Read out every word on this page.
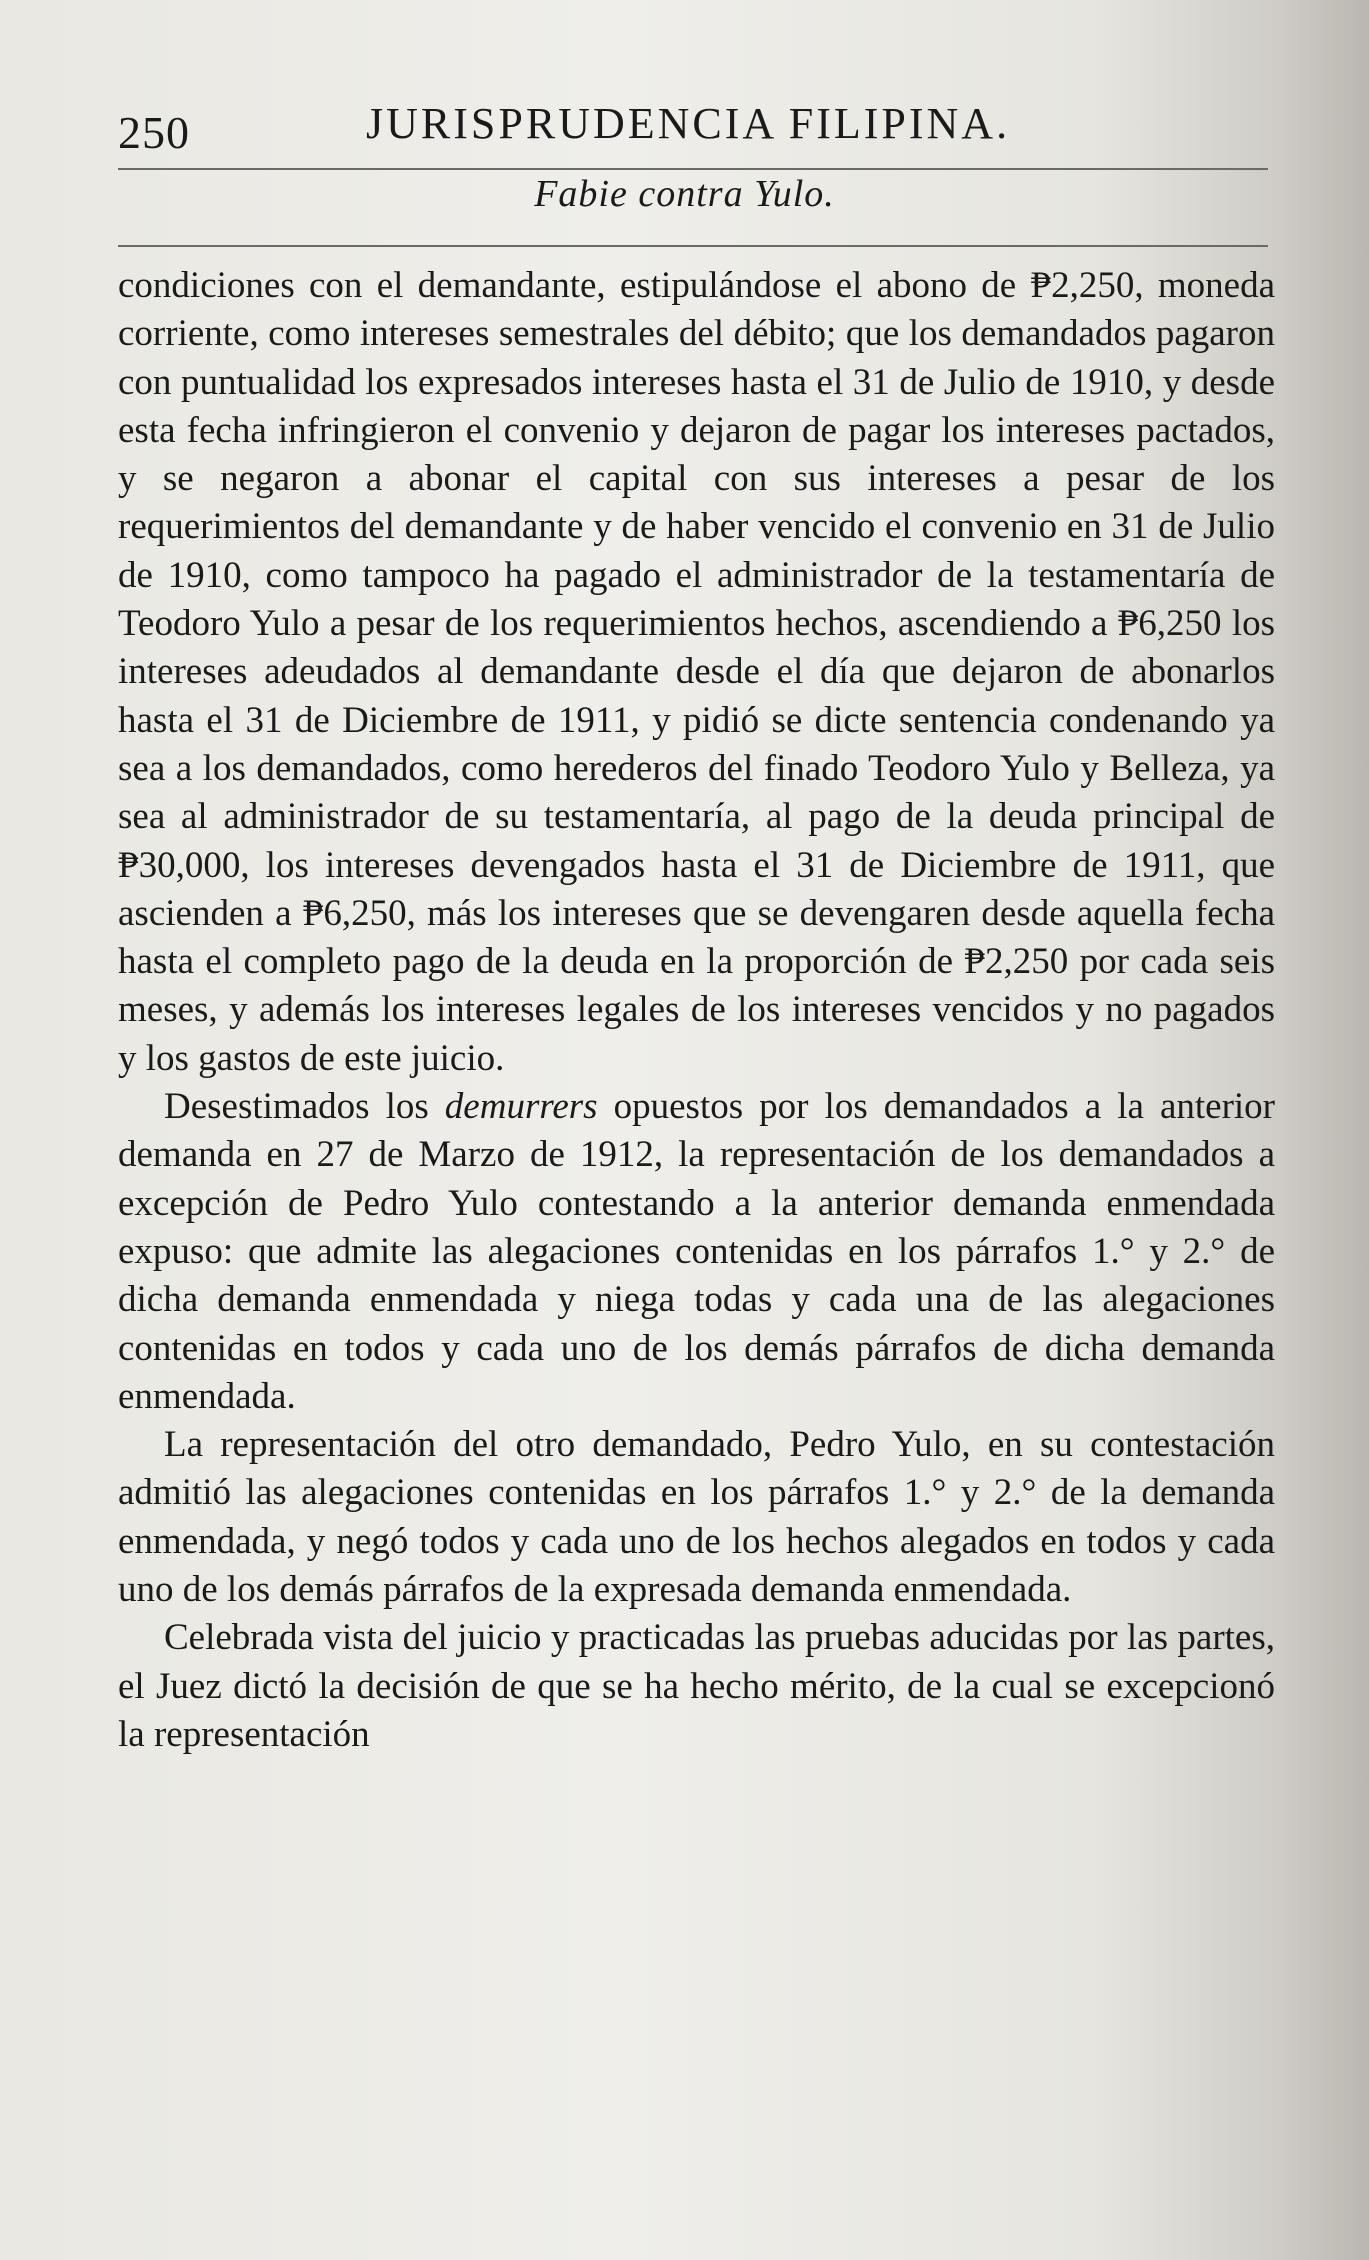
250	JURISPRUDENCIA FILIPINA.
Fabie contra Yulo.

condiciones con el demandante, estipulándose el abono de ₱2,250, moneda corriente, como intereses semestrales del débito; que los demandados pagaron con puntualidad los expresados intereses hasta el 31 de Julio de 1910, y desde esta fecha infringieron el convenio y dejaron de pagar los intereses pactados, y se negaron a abonar el capital con sus intereses a pesar de los requerimientos del demandante y de haber vencido el convenio en 31 de Julio de 1910, como tampoco ha pagado el administrador de la testamentaría de Teodoro Yulo a pesar de los requerimientos hechos, ascendiendo a ₱6,250 los intereses adeudados al demandante desde el día que dejaron de abonarlos hasta el 31 de Diciembre de 1911, y pidió se dicte sentencia condenando ya sea a los demandados, como herederos del finado Teodoro Yulo y Belleza, ya sea al administrador de su testamentaría, al pago de la deuda principal de ₱30,000, los intereses devengados hasta el 31 de Diciembre de 1911, que ascienden a ₱6,250, más los intereses que se devengaren desde aquella fecha hasta el completo pago de la deuda en la proporción de ₱2,250 por cada seis meses, y además los intereses legales de los intereses vencidos y no pagados y los gastos de este juicio.

Desestimados los demurrers opuestos por los demandados a la anterior demanda en 27 de Marzo de 1912, la representación de los demandados a excepción de Pedro Yulo contestando a la anterior demanda enmendada expuso: que admite las alegaciones contenidas en los párrafos 1.° y 2.° de dicha demanda enmendada y niega todas y cada una de las alegaciones contenidas en todos y cada uno de los demás párrafos de dicha demanda enmendada.

La representación del otro demandado, Pedro Yulo, en su contestación admitió las alegaciones contenidas en los párrafos 1.° y 2.° de la demanda enmendada, y negó todos y cada uno de los hechos alegados en todos y cada uno de los demás párrafos de la expresada demanda enmendada.

Celebrada vista del juicio y practicadas las pruebas aducidas por las partes, el Juez dictó la decisión de que se ha hecho mérito, de la cual se excepcionó la representación
